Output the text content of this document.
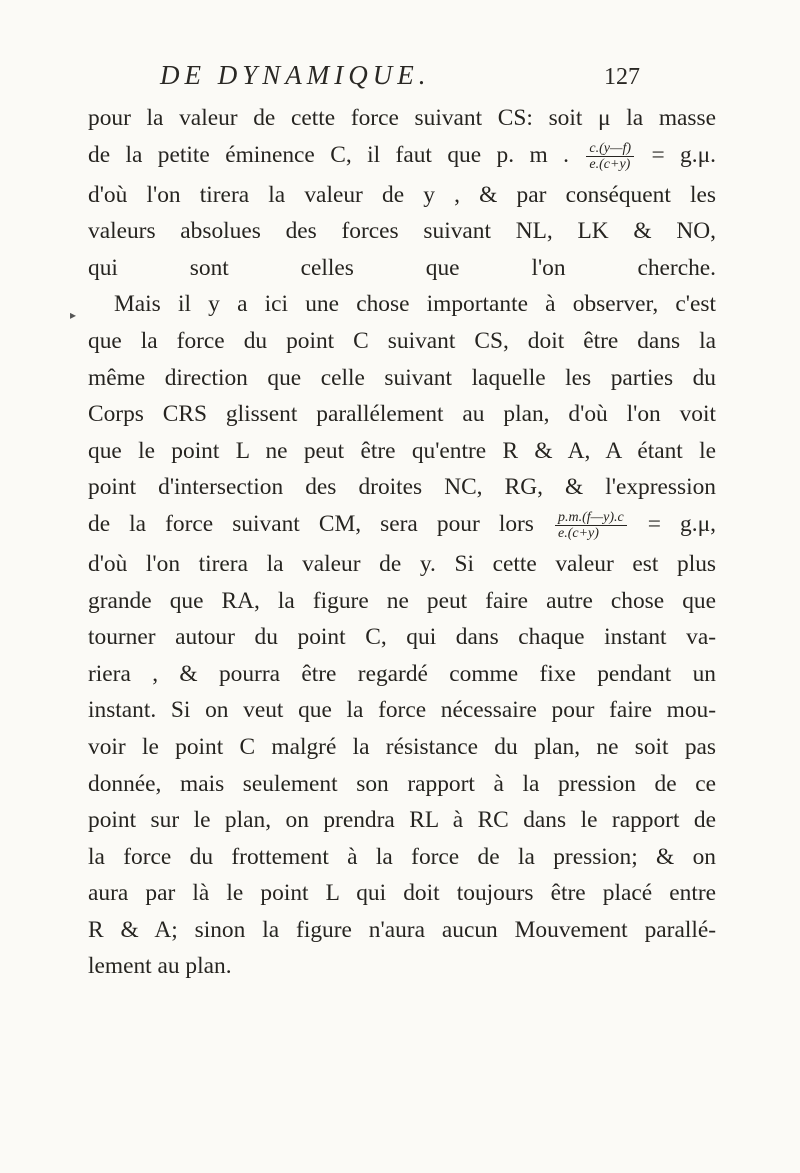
DE DYNAMIQUE.	127
▸
pour la valeur de cette force suivant CS: soit μ la masse
de la petite éminence C, il faut que p. m . $\frac{c.(y—f)}{e.(c+y)} = g.\mu$.
d'où l'on tirera la valeur de y , & par conséquent les
valeurs absolues des forces suivant NL, LK & NO,
qui sont celles que l'on cherche.
Mais il y a ici une chose importante à observer, c'est
que la force du point C suivant CS, doit être dans la
même direction que celle suivant laquelle les parties du
Corps CRS glissent parallélement au plan, d'où l'on voit
que le point L ne peut être qu'entre R & A, A étant le
point d'intersection des droites NC, RG, & l'expression
de la force suivant CM, sera pour lors $\frac{p.m.(f—y).c}{e.(c+y)} = g.\mu$,
d'où l'on tirera la valeur de y. Si cette valeur est plus
grande que RA, la figure ne peut faire autre chose que
tourner autour du point C, qui dans chaque instant va-
riera , & pourra être regardé comme fixe pendant un
instant. Si on veut que la force nécessaire pour faire mou-
voir le point C malgré la résistance du plan, ne soit pas
donnée, mais seulement son rapport à la pression de ce
point sur le plan, on prendra RL à RC dans le rapport de
la force du frottement à la force de la pression; & on
aura par là le point L qui doit toujours être placé entre
R & A; sinon la figure n'aura aucun Mouvement parallé-
lement au plan.
